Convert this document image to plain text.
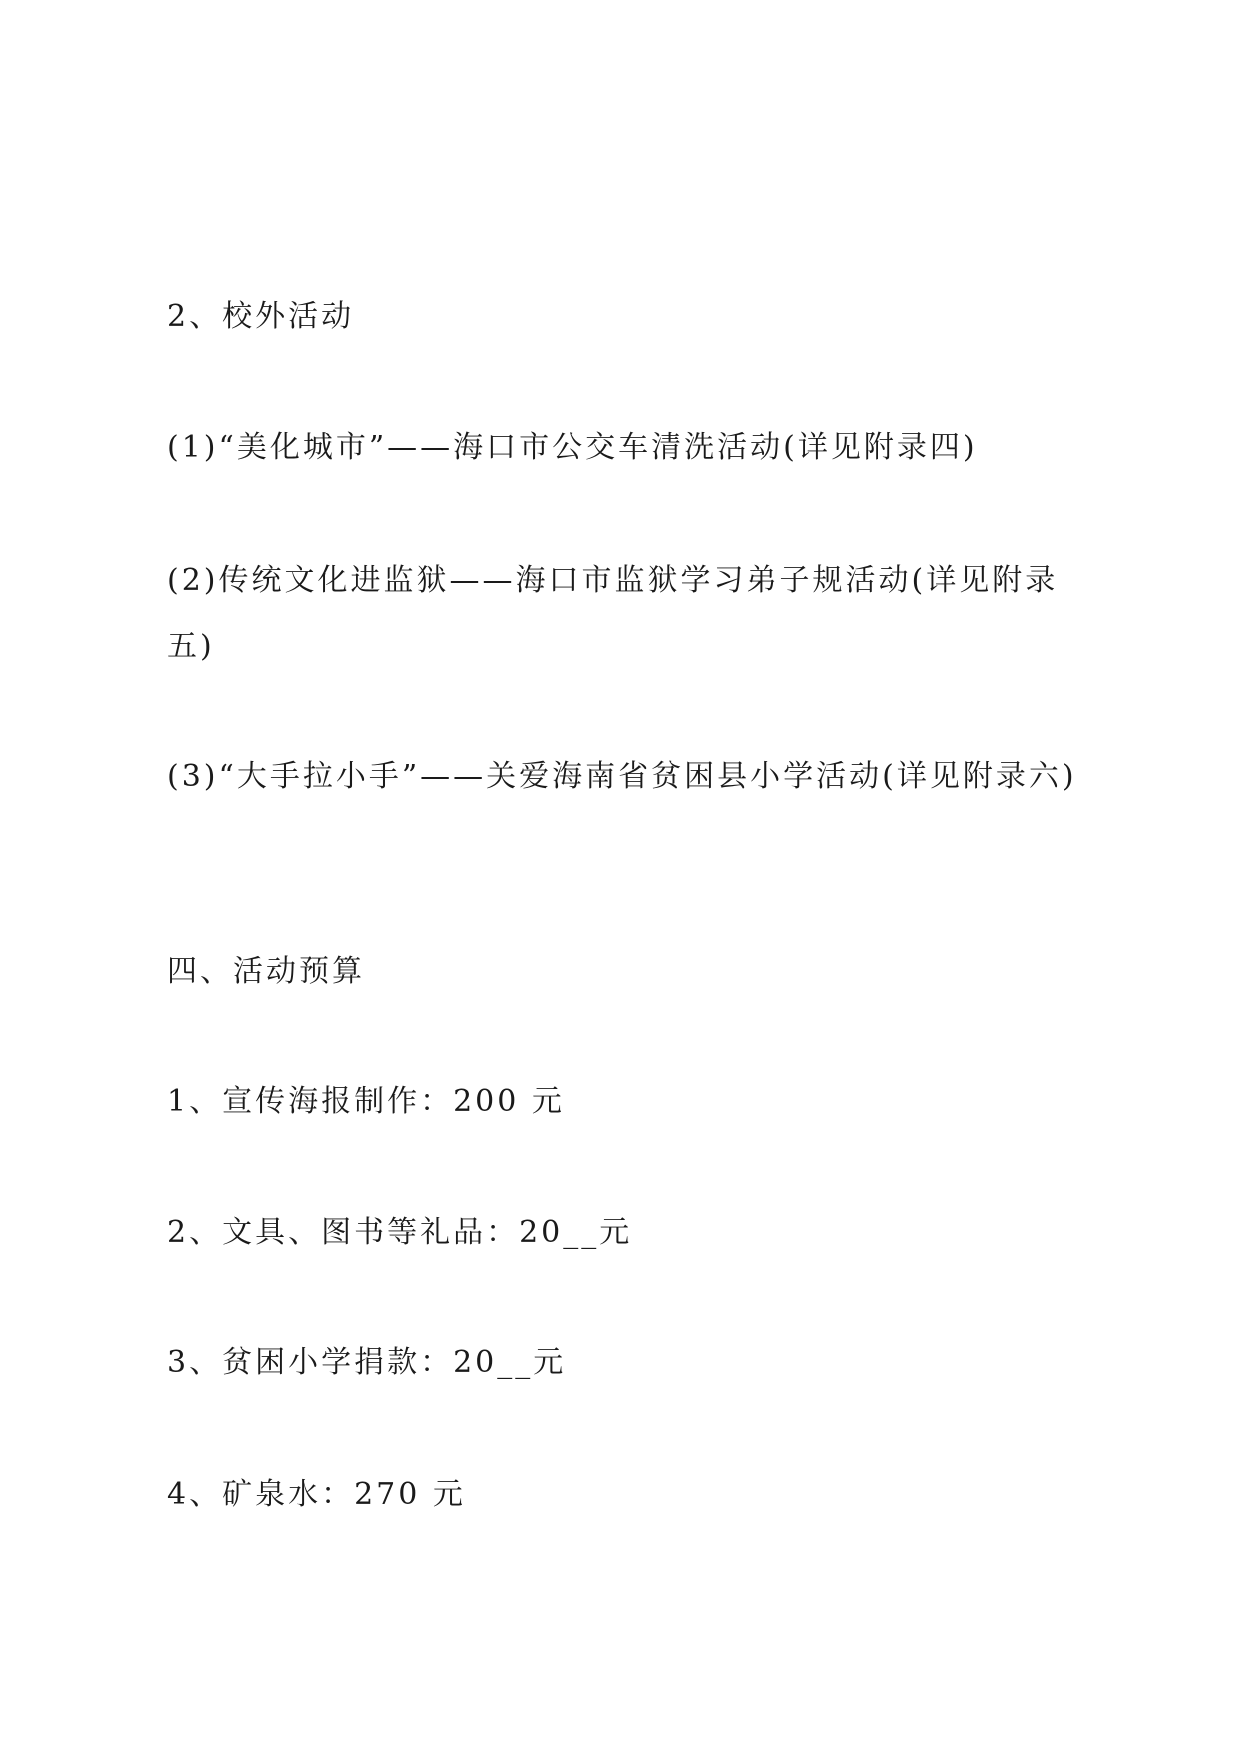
2、校外活动

(1)“美化城市”——海口市公交车清洗活动(详见附录四)

(2)传统文化进监狱——海口市监狱学习弟子规活动(详见附录五)

(3)“大手拉小手”——关爱海南省贫困县小学活动(详见附录六)

四、活动预算

1、宣传海报制作：200 元

2、文具、图书等礼品：20__元

3、贫困小学捐款：20__元

4、矿泉水：270 元
